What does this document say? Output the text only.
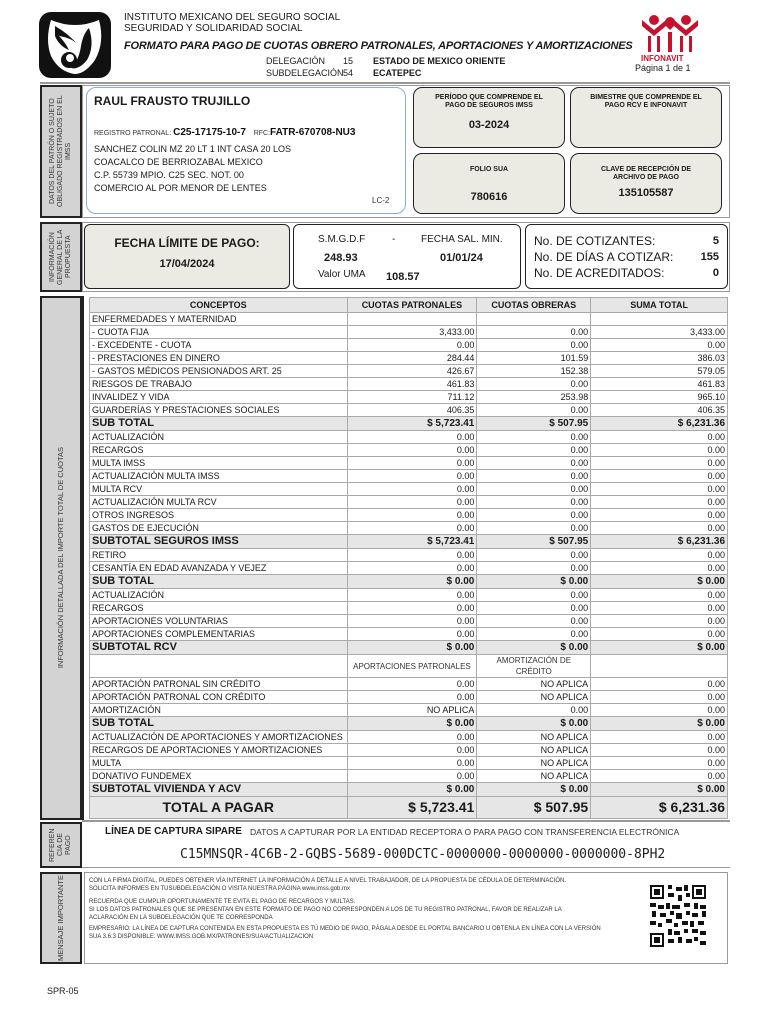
INSTITUTO MEXICANO DEL SEGURO SOCIAL
SEGURIDAD Y SOLIDARIDAD SOCIAL
FORMATO PARA PAGO DE CUOTAS OBRERO PATRONALES, APORTACIONES Y AMORTIZACIONES
DELEGACIÓN 15 ESTADO DE MEXICO ORIENTE
SUBDELEGACIÓN54 ECATEPEC
INFONAVIT
Página 1 de 1
DATOS DEL PATRÓN O SUJETO OBLIGADO REGISTRADOS EN EL IMSS
RAUL FRAUSTO TRUJILLO
REGISTRO PATRONAL: C25-17175-10-7 RFC:FATR-670708-NU3
SANCHEZ COLIN MZ 20 LT 1 INT CASA 20 LOS
COACALCO DE BERRIOZABAL MEXICO
C.P. 55739 MPIO. C25 SEC. NOT. 00
COMERCIO AL POR MENOR DE LENTES
LC-2
PERÍODO QUE COMPRENDE EL PAGO DE SEGUROS IMSS
03-2024
BIMESTRE QUE COMPRENDE EL PAGO RCV E INFONAVIT
FOLIO SUA
780616
CLAVE DE RECEPCIÓN DE ARCHIVO DE PAGO
135105587
INFORMACIÓN GENERAL DE LA PROPUESTA	FECHA LÍMITE DE PAGO:
17/04/2024
S.M.G.D.F	-	FECHA SAL. MIN.
248.93	01/01/24
Valor UMA 108.57
No. DE COTIZANTES:	5
No. DE DÍAS A COTIZAR: 155
No. DE ACREDITADOS:	0
INFORMACIÓN DETALLADA DEL IMPORTE TOTAL DE CUOTAS
CONCEPTOS	CUOTAS PATRONALES	CUOTAS OBRERAS	SUMA TOTAL
ENFERMEDADES Y MATERNIDAD			
- CUOTA FIJA	3,433.00	0.00	3,433.00
- EXCEDENTE - CUOTA	0.00	0.00	0.00
- PRESTACIONES EN DINERO	284.44	101.59	386.03
- GASTOS MÉDICOS PENSIONADOS ART. 25	426.67	152.38	579.05
RIESGOS DE TRABAJO	461.83	0.00	461.83
INVALIDEZ Y VIDA	711.12	253.98	965.10
GUARDERÍAS Y PRESTACIONES SOCIALES	406.35	0.00	406.35
SUB TOTAL	$ 5,723.41	$ 507.95	$ 6,231.36
ACTUALIZACIÓN	0.00	0.00	0.00
RECARGOS	0.00	0.00	0.00
MULTA IMSS	0.00	0.00	0.00
ACTUALIZACIÓN MULTA IMSS	0.00	0.00	0.00
MULTA RCV	0.00	0.00	0.00
ACTUALIZACIÓN MULTA RCV	0.00	0.00	0.00
OTROS INGRESOS	0.00	0.00	0.00
GASTOS DE EJECUCIÓN	0.00	0.00	0.00
SUBTOTAL SEGUROS IMSS	$ 5,723.41	$ 507.95	$ 6,231.36
RETIRO	0.00	0.00	0.00
CESANTÍA EN EDAD AVANZADA Y VEJEZ	0.00	0.00	0.00
SUB TOTAL	$ 0.00	$ 0.00	$ 0.00
ACTUALIZACIÓN	0.00	0.00	0.00
RECARGOS	0.00	0.00	0.00
APORTACIONES VOLUNTARIAS	0.00	0.00	0.00
APORTACIONES COMPLEMENTARIAS	0.00	0.00	0.00
SUBTOTAL RCV	$ 0.00	$ 0.00	$ 0.00
	APORTACIONES PATRONALES	AMORTIZACIÓN DE CRÉDITO	
APORTACIÓN PATRONAL SIN CRÉDITO	0.00	NO APLICA	0.00
APORTACIÓN PATRONAL CON CRÉDITO	0.00	NO APLICA	0.00
AMORTIZACIÓN	NO APLICA	0.00	0.00
SUB TOTAL	$ 0.00	$ 0.00	$ 0.00
ACTUALIZACIÓN DE APORTACIONES Y AMORTIZACIONES	0.00	NO APLICA	0.00
RECARGOS DE APORTACIONES Y AMORTIZACIONES	0.00	NO APLICA	0.00
MULTA	0.00	NO APLICA	0.00
DONATIVO FUNDEMEX	0.00	NO APLICA	0.00
SUBTOTAL VIVIENDA Y ACV	$ 0.00	$ 0.00	$ 0.00
TOTAL A PAGAR	$ 5,723.41	$ 507.95	$ 6,231.36
REFEREN CIA DE PAGO
LÍNEA DE CAPTURA SIPARE DATOS A CAPTURAR POR LA ENTIDAD RECEPTORA O PARA PAGO CON TRANSFERENCIA ELECTRÓNICA
C15MNSQR-4C6B-2-GQBS-5689-000DCTC-0000000-0000000-0000000-8PH2
MENSAJE IMPORTANTE	CON LA FIRMA DIGITAL, PUEDES OBTENER VÍA INTERNET LA INFORMACIÓN A DETALLE A NIVEL TRABAJADOR, DE LA PROPUESTA DE CÉDULA DE DETERMINACIÓN.
SOLICITA INFORMES EN TUSUBDELEGACIÓN O VISITA NUESTRA PÁGINA www.imss.gob.mx
RECUERDA QUE CUMPLIR OPORTUNAMENTE TE EVITA EL PAGO DE RECARGOS Y MULTAS.
SI LOS DATOS PATRONALES QUE SE PRESENTAN EN ESTE FORMATO DE PAGO NO CORRESPONDEN A LOS DE TU REGISTRO PATRONAL, FAVOR DE REALIZAR LA
ACLARACIÓN EN LA SUBDELEGACIÓN QUE TE CORRESPONDA
EMPRESARIO: LA LÍNEA DE CAPTURA CONTENIDA EN ESTA PROPUESTA ES TÚ MEDIO DE PAGO, PÁGALA DESDE EL PORTAL BANCARIO U OBTENLA EN LÍNEA CON LA VERSIÓN
SUA 3.6.3 DISPONIBLE: WWW.IMSS.GOB.MX/PATRONES/SUA/ACTUALIZACION
SPR-05
